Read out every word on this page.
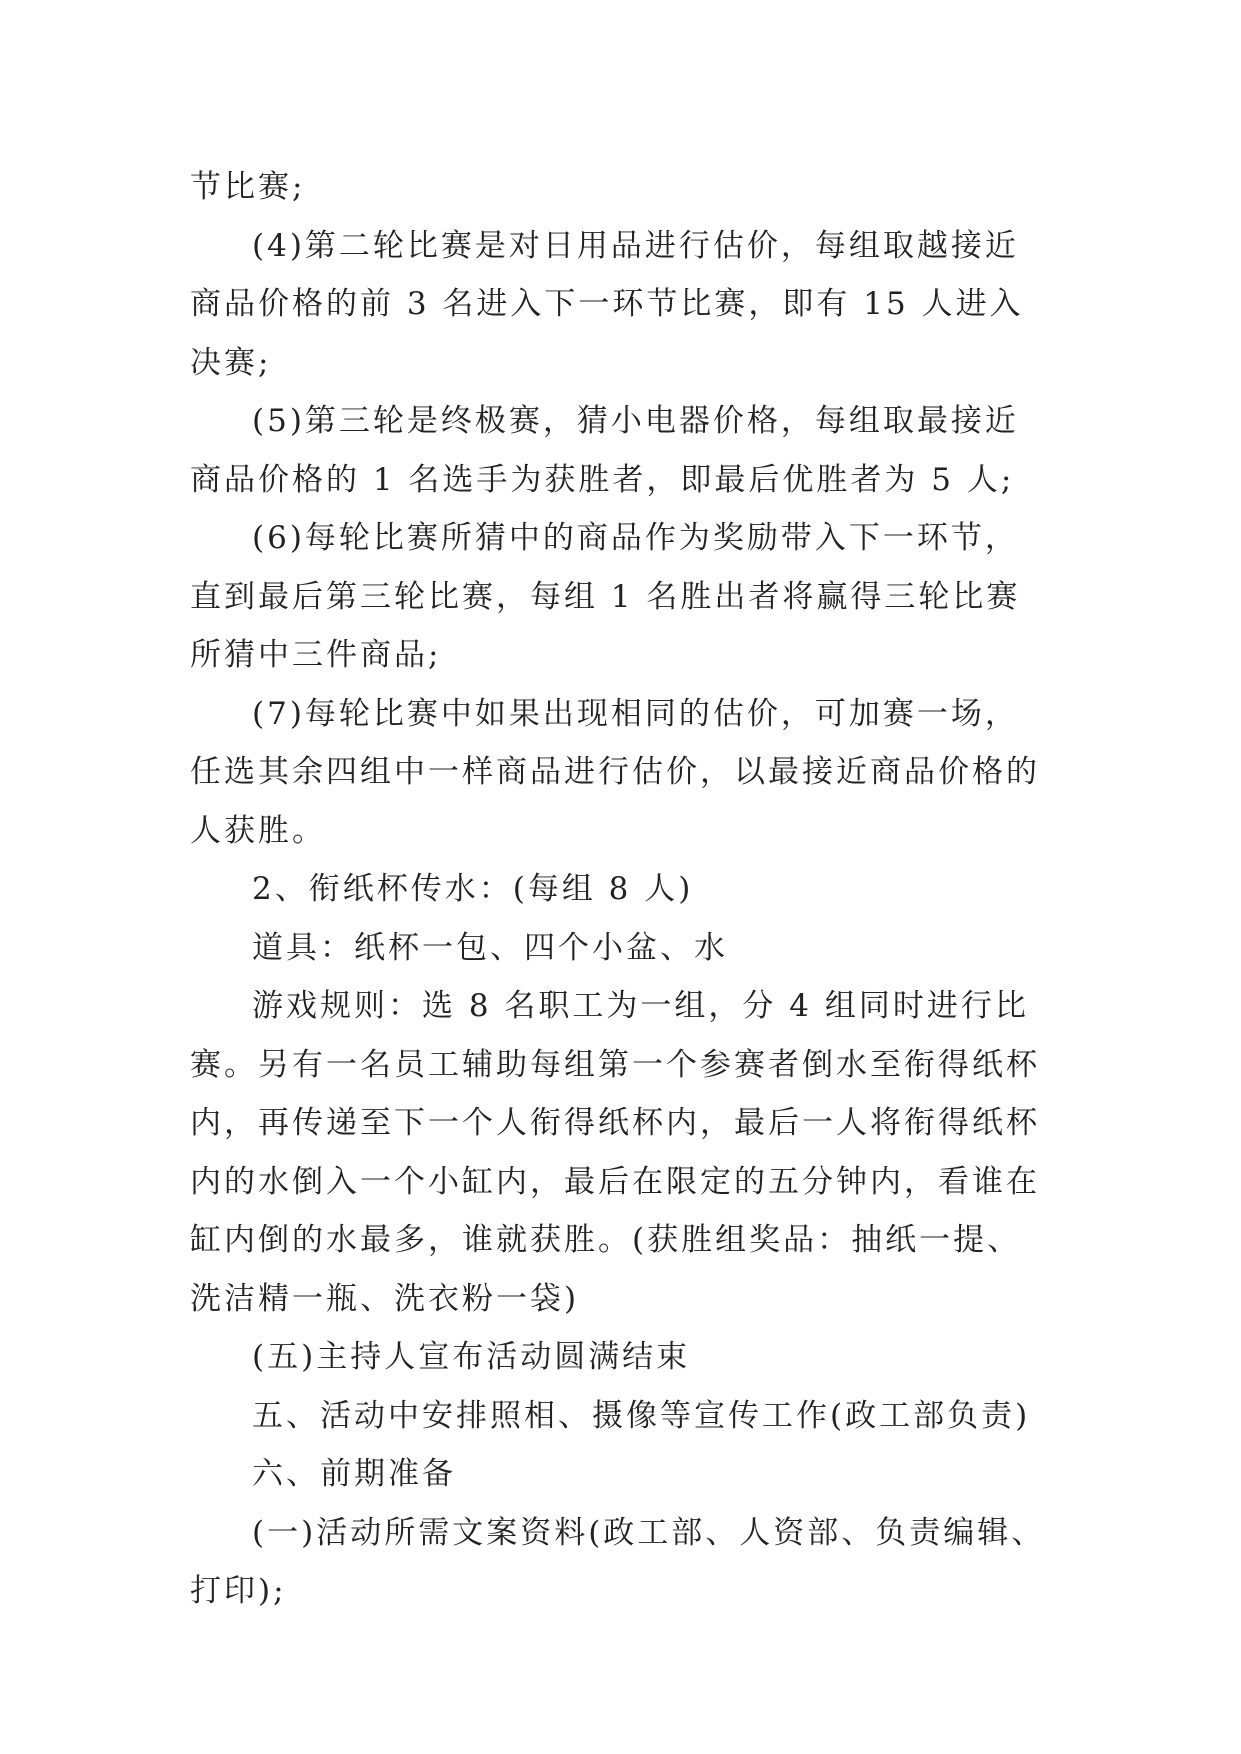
节比赛;

(4)第二轮比赛是对日用品进行估价，每组取越接近商品价格的前 3 名进入下一环节比赛，即有 15 人进入决赛;

(5)第三轮是终极赛，猜小电器价格，每组取最接近商品价格的 1 名选手为获胜者，即最后优胜者为 5 人;

(6)每轮比赛所猜中的商品作为奖励带入下一环节，直到最后第三轮比赛，每组 1 名胜出者将赢得三轮比赛所猜中三件商品;

(7)每轮比赛中如果出现相同的估价，可加赛一场，任选其余四组中一样商品进行估价，以最接近商品价格的人获胜。

2、衔纸杯传水：(每组 8 人)

道具：纸杯一包、四个小盆、水

游戏规则：选 8 名职工为一组，分 4 组同时进行比赛。另有一名员工辅助每组第一个参赛者倒水至衔得纸杯内，再传递至下一个人衔得纸杯内，最后一人将衔得纸杯内的水倒入一个小缸内，最后在限定的五分钟内，看谁在缸内倒的水最多，谁就获胜。(获胜组奖品：抽纸一提、洗洁精一瓶、洗衣粉一袋)

(五)主持人宣布活动圆满结束

五、活动中安排照相、摄像等宣传工作(政工部负责)

六、前期准备

(一)活动所需文案资料(政工部、人资部、负责编辑、打印);
